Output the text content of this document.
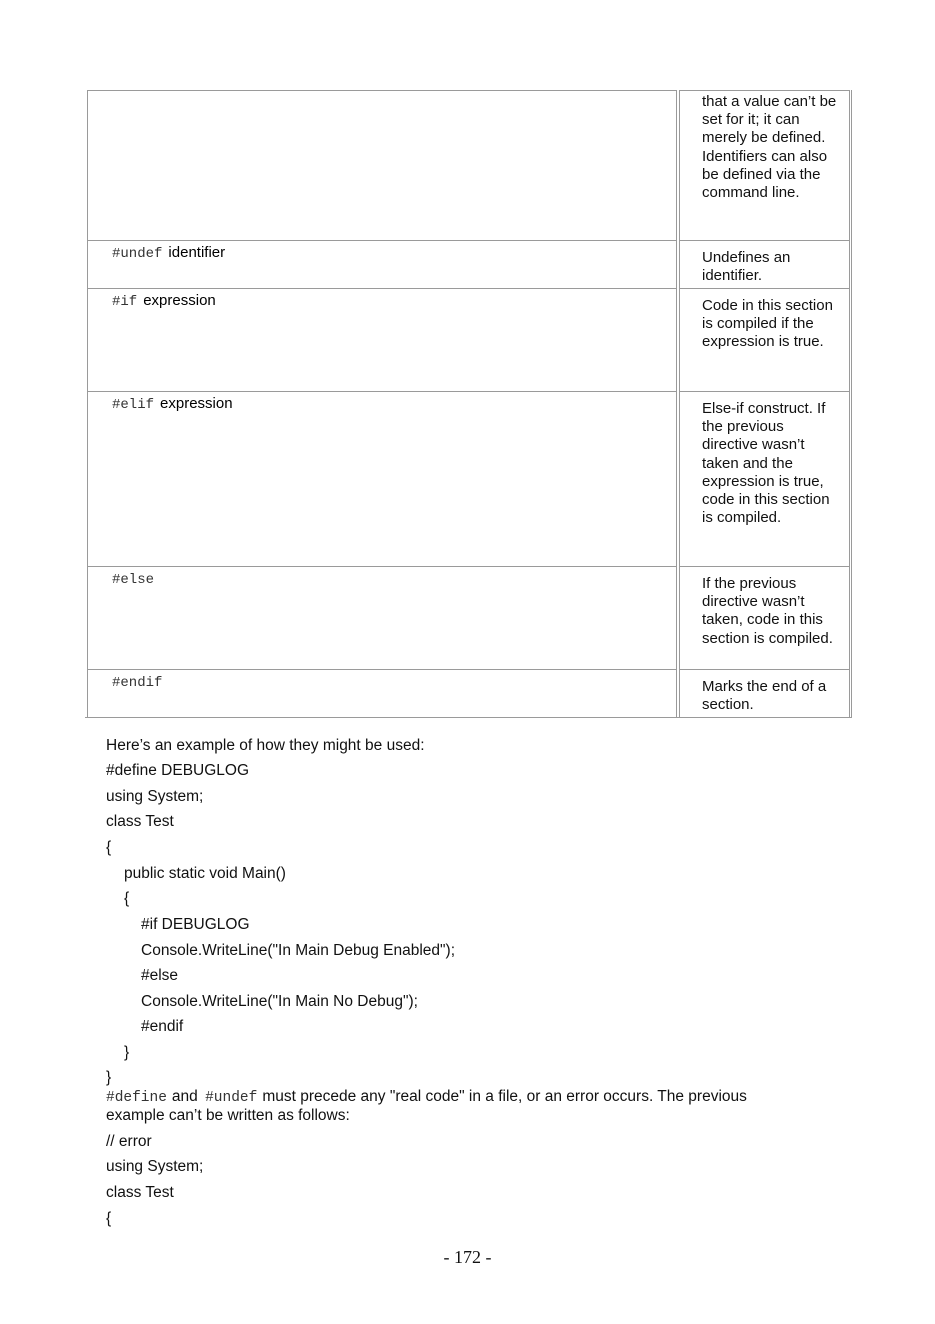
that a value can’t be set for it; it can merely be defined. Identifiers can also be defined via the command line.
#undef identifier	Undefines an identifier.
#if expression	Code in this section is compiled if the expression is true.
#elif expression	Else-if construct. If the previous directive wasn’t taken and the expression is true, code in this section is compiled.
#else	If the previous directive wasn’t taken, code in this section is compiled.
#endif	Marks the end of a section.
Here’s an example of how they might be used:
#define DEBUGLOG
using System;
class Test
{
public static void Main()
{
#if DEBUGLOG
Console.WriteLine("In Main Debug Enabled");
#else
Console.WriteLine("In Main No Debug");
#endif
}
}
#define and #undef must precede any "real code" in a file, or an error occurs. The previous example can’t be written as follows:
// error
using System;
class Test
{
- 172 -
